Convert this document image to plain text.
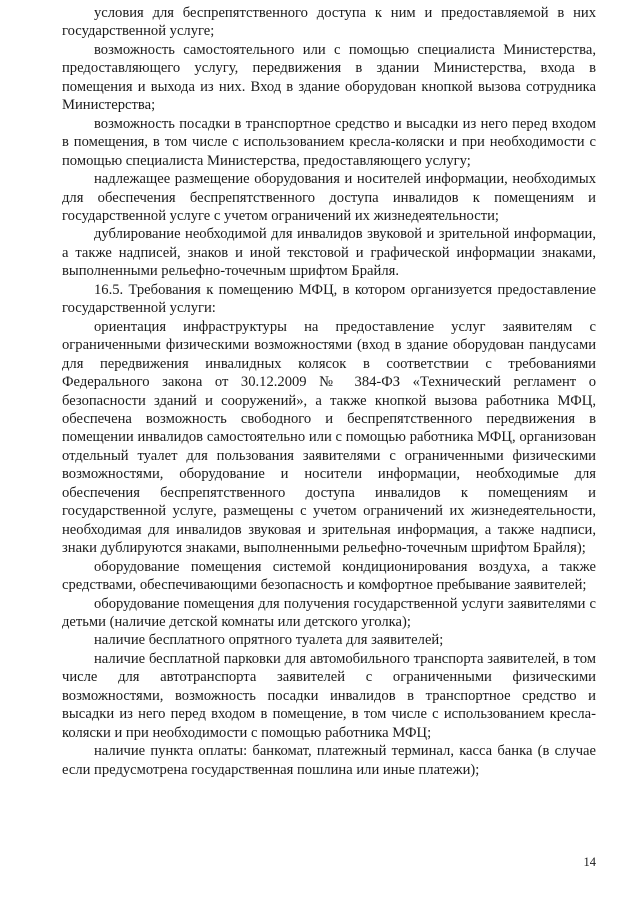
условия для беспрепятственного доступа к ним и предоставляемой в них государственной услуге;

возможность самостоятельного или с помощью специалиста Министерства, предоставляющего услугу, передвижения в здании Министерства, входа в помещения и выхода из них. Вход в здание оборудован кнопкой вызова сотрудника Министерства;

возможность посадки в транспортное средство и высадки из него перед входом в помещения, в том числе с использованием кресла-коляски и при необходимости с помощью специалиста Министерства, предоставляющего услугу;

надлежащее размещение оборудования и носителей информации, необходимых для обеспечения беспрепятственного доступа инвалидов к помещениям и государственной услуге с учетом ограничений их жизнедеятельности;

дублирование необходимой для инвалидов звуковой и зрительной информации, а также надписей, знаков и иной текстовой и графической информации знаками, выполненными рельефно-точечным шрифтом Брайля.

16.5. Требования к помещению МФЦ, в котором организуется предоставление государственной услуги:

ориентация инфраструктуры на предоставление услуг заявителям с ограниченными физическими возможностями (вход в здание оборудован пандусами для передвижения инвалидных колясок в соответствии с требованиями Федерального закона от 30.12.2009 № 384-ФЗ «Технический регламент о безопасности зданий и сооружений», а также кнопкой вызова работника МФЦ, обеспечена возможность свободного и беспрепятственного передвижения в помещении инвалидов самостоятельно или с помощью работника МФЦ, организован отдельный туалет для пользования заявителями с ограниченными физическими возможностями, оборудование и носители информации, необходимые для обеспечения беспрепятственного доступа инвалидов к помещениям и государственной услуге, размещены с учетом ограничений их жизнедеятельности, необходимая для инвалидов звуковая и зрительная информация, а также надписи, знаки дублируются знаками, выполненными рельефно-точечным шрифтом Брайля);

оборудование помещения системой кондиционирования воздуха, а также средствами, обеспечивающими безопасность и комфортное пребывание заявителей;

оборудование помещения для получения государственной услуги заявителями с детьми (наличие детской комнаты или детского уголка);

наличие бесплатного опрятного туалета для заявителей;

наличие бесплатной парковки для автомобильного транспорта заявителей, в том числе для автотранспорта заявителей с ограниченными физическими возможностями, возможность посадки инвалидов в транспортное средство и высадки из него перед входом в помещение, в том числе с использованием кресла-коляски и при необходимости с помощью работника МФЦ;

наличие пункта оплаты: банкомат, платежный терминал, касса банка (в случае если предусмотрена государственная пошлина или иные платежи);

14
